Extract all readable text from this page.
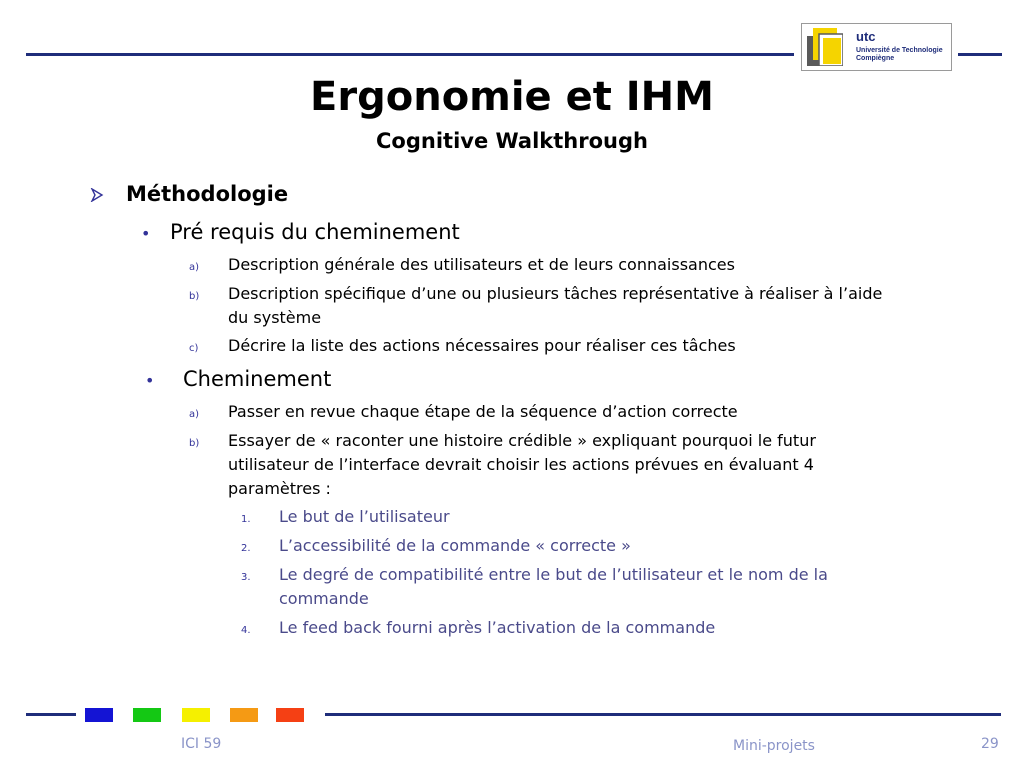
utc
Université de Technologie
Compiègne
Ergonomie et IHM
Cognitive Walkthrough
Méthodologie
• Pré requis du cheminement
a) Description générale des utilisateurs et de leurs connaissances
b) Description spécifique d’une ou plusieurs tâches représentative à réaliser à l’aide
du système
c) Décrire la liste des actions nécessaires pour réaliser ces tâches
• Cheminement
a) Passer en revue chaque étape de la séquence d’action correcte
b) Essayer de « raconter une histoire crédible » expliquant pourquoi le futur
utilisateur de l’interface devrait choisir les actions prévues en évaluant 4
paramètres :
1. Le but de l’utilisateur
2. L’accessibilité de la commande « correcte »
3. Le degré de compatibilité entre le but de l’utilisateur et le nom de la
commande
4. Le feed back fourni après l’activation de la commande
ICI 59	Mini-projets	29
